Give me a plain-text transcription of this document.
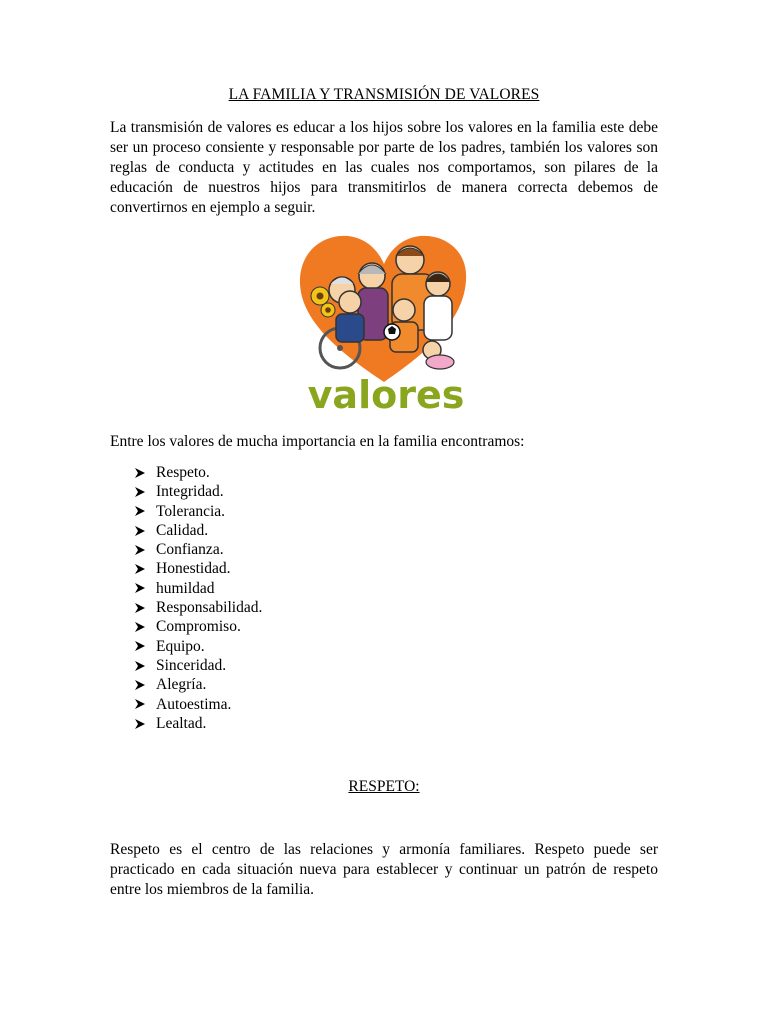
LA FAMILIA Y TRANSMISIÓN DE VALORES
La transmisión de valores es educar a los hijos sobre los valores en la familia este debe ser un proceso consiente y responsable por parte de los padres, también los valores son reglas de conducta y actitudes en las cuales nos comportamos, son pilares de la educación de nuestros hijos para transmitirlos de manera correcta debemos de convertirnos en ejemplo a seguir.
valores
Entre los valores de mucha importancia en la familia encontramos:
Respeto.
Integridad.
Tolerancia.
Calidad.
Confianza.
Honestidad.
humildad
Responsabilidad.
Compromiso.
Equipo.
Sinceridad.
Alegría.
Autoestima.
Lealtad.
RESPETO:
Respeto es el centro de las relaciones y armonía familiares. Respeto puede ser practicado en cada situación nueva para establecer y continuar un patrón de respeto entre los miembros de la familia.
